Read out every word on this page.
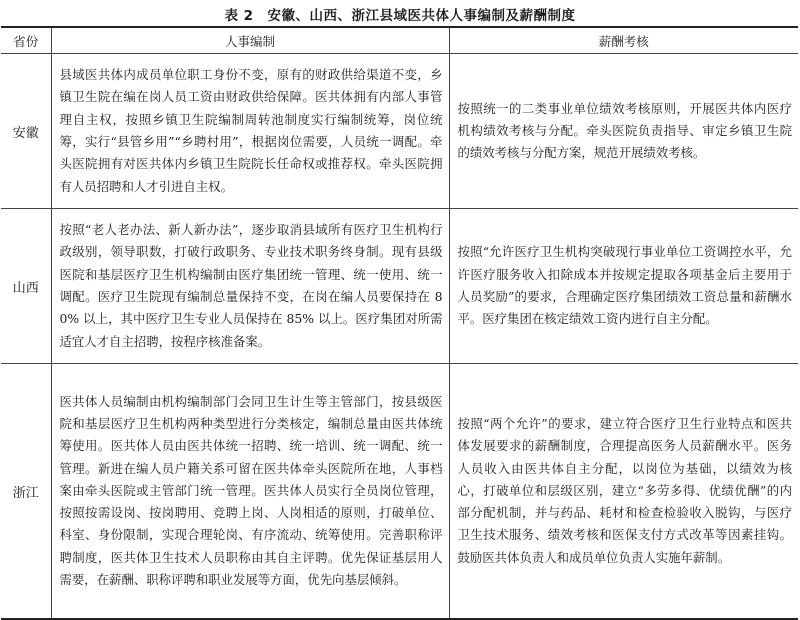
表 2　安徽、山西、浙江县域医共体人事编制及薪酬制度
省份	人事编制	薪酬考核
安徽	县域医共体内成员单位职工身份不变，原有的财政供给渠道不变，乡镇卫生院在编在岗人员工资由财政供给保障。医共体拥有内部人事管理自主权，按照乡镇卫生院编制周转池制度实行编制统筹，岗位统筹，实行“县管乡用”“乡聘村用”，根据岗位需要，人员统一调配。牵头医院拥有对医共体内乡镇卫生院院长任命权或推荐权。牵头医院拥有人员招聘和人才引进自主权。	按照统一的二类事业单位绩效考核原则，开展医共体内医疗机构绩效考核与分配。牵头医院负责指导、审定乡镇卫生院的绩效考核与分配方案，规范开展绩效考核。
山西	按照“老人老办法、新人新办法”，逐步取消县域所有医疗卫生机构行政级别，领导职数，打破行政职务、专业技术职务终身制。现有县级医院和基层医疗卫生机构编制由医疗集团统一管理、统一使用、统一调配。医疗卫生院现有编制总量保持不变，在岗在编人员要保持在 80% 以上，其中医疗卫生专业人员保持在 85% 以上。医疗集团对所需适宜人才自主招聘，按程序核准备案。	按照“允许医疗卫生机构突破现行事业单位工资调控水平，允许医疗服务收入扣除成本并按规定提取各项基金后主要用于人员奖励”的要求，合理确定医疗集团绩效工资总量和薪酬水平。医疗集团在核定绩效工资内进行自主分配。
浙江	医共体人员编制由机构编制部门会同卫生计生等主管部门，按县级医院和基层医疗卫生机构两种类型进行分类核定，编制总量由医共体统筹使用。医共体人员由医共体统一招聘、统一培训、统一调配、统一管理。新进在编人员户籍关系可留在医共体牵头医院所在地，人事档案由牵头医院或主管部门统一管理。医共体人员实行全员岗位管理，按照按需设岗、按岗聘用、竞聘上岗、人岗相适的原则，打破单位、科室、身份限制，实现合理轮岗、有序流动、统筹使用。完善职称评聘制度，医共体卫生技术人员职称由其自主评聘。优先保证基层用人需要，在薪酬、职称评聘和职业发展等方面，优先向基层倾斜。	按照“两个允许”的要求，建立符合医疗卫生行业特点和医共体发展要求的薪酬制度，合理提高医务人员薪酬水平。医务人员收入由医共体自主分配，以岗位为基础，以绩效为核心，打破单位和层级区别，建立“多劳多得、优绩优酬”的内部分配机制，并与药品、耗材和检查检验收入脱钩，与医疗卫生技术服务、绩效考核和医保支付方式改革等因素挂钩。鼓励医共体负责人和成员单位负责人实施年薪制。
